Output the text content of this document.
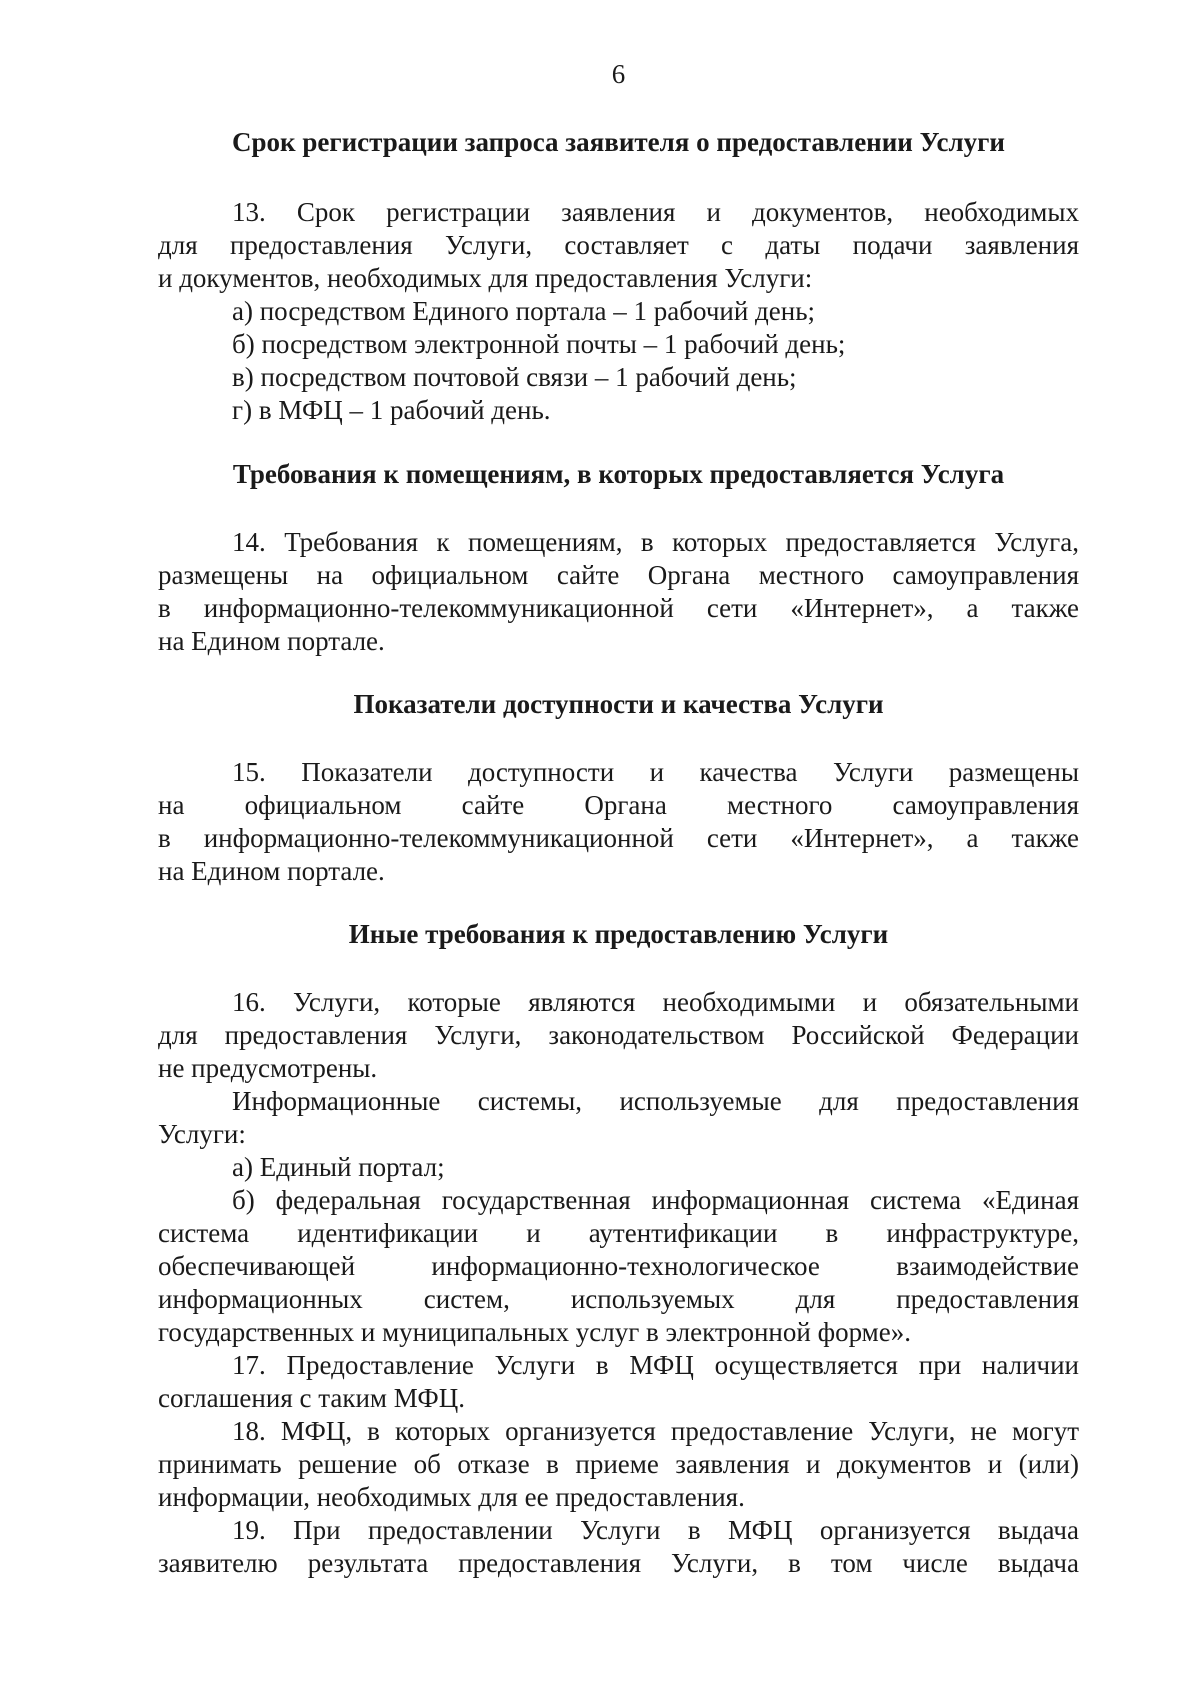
6
Срок регистрации запроса заявителя о предоставлении Услуги
13. Срок регистрации заявления и документов, необходимых
для предоставления Услуги, составляет с даты подачи заявления
и документов, необходимых для предоставления Услуги:
а) посредством Единого портала – 1 рабочий день;
б) посредством электронной почты – 1 рабочий день;
в) посредством почтовой связи – 1 рабочий день;
г) в МФЦ – 1 рабочий день.
Требования к помещениям, в которых предоставляется Услуга
14. Требования к помещениям, в которых предоставляется Услуга,
размещены на официальном сайте Органа местного самоуправления
в информационно-телекоммуникационной сети «Интернет», а также
на Едином портале.
Показатели доступности и качества Услуги
15. Показатели доступности и качества Услуги размещены
на официальном сайте Органа местного самоуправления
в информационно-телекоммуникационной сети «Интернет», а также
на Едином портале.
Иные требования к предоставлению Услуги
16. Услуги, которые являются необходимыми и обязательными
для предоставления Услуги, законодательством Российской Федерации
не предусмотрены.
Информационные системы, используемые для предоставления
Услуги:
а) Единый портал;
б) федеральная государственная информационная система «Единая
система идентификации и аутентификации в инфраструктуре,
обеспечивающей информационно-технологическое взаимодействие
информационных систем, используемых для предоставления
государственных и муниципальных услуг в электронной форме».
17. Предоставление Услуги в МФЦ осуществляется при наличии
соглашения с таким МФЦ.
18. МФЦ, в которых организуется предоставление Услуги, не могут
принимать решение об отказе в приеме заявления и документов и (или)
информации, необходимых для ее предоставления.
19. При предоставлении Услуги в МФЦ организуется выдача
заявителю результата предоставления Услуги, в том числе выдача
